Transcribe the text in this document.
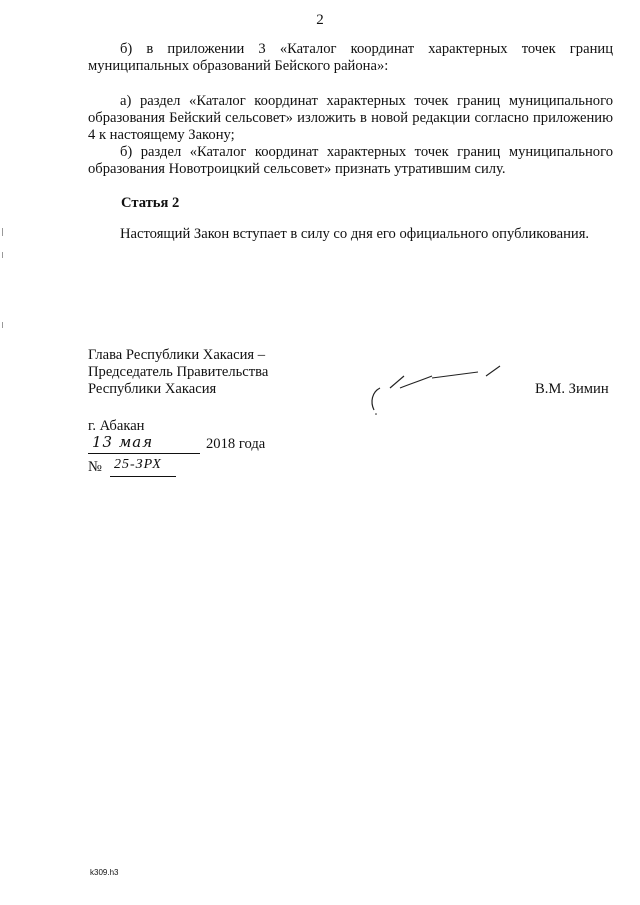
2

б) в приложении 3 «Каталог координат характерных точек границ муниципальных образований Бейского района»:

а) раздел «Каталог координат характерных точек границ муниципального образования Бейский сельсовет» изложить в новой редакции согласно приложению 4 к настоящему Закону;

б) раздел «Каталог координат характерных точек границ муниципального образования Новотроицкий сельсовет» признать утратившим силу.

Статья 2

Настоящий Закон вступает в силу со дня его официального опубликования.

Глава Республики Хакасия –
Председатель Правительства
Республики Хакасия	В.М. Зимин
г. Абакан
13 мая	2018 года
№ 25-ЗРХ
k309.h3
